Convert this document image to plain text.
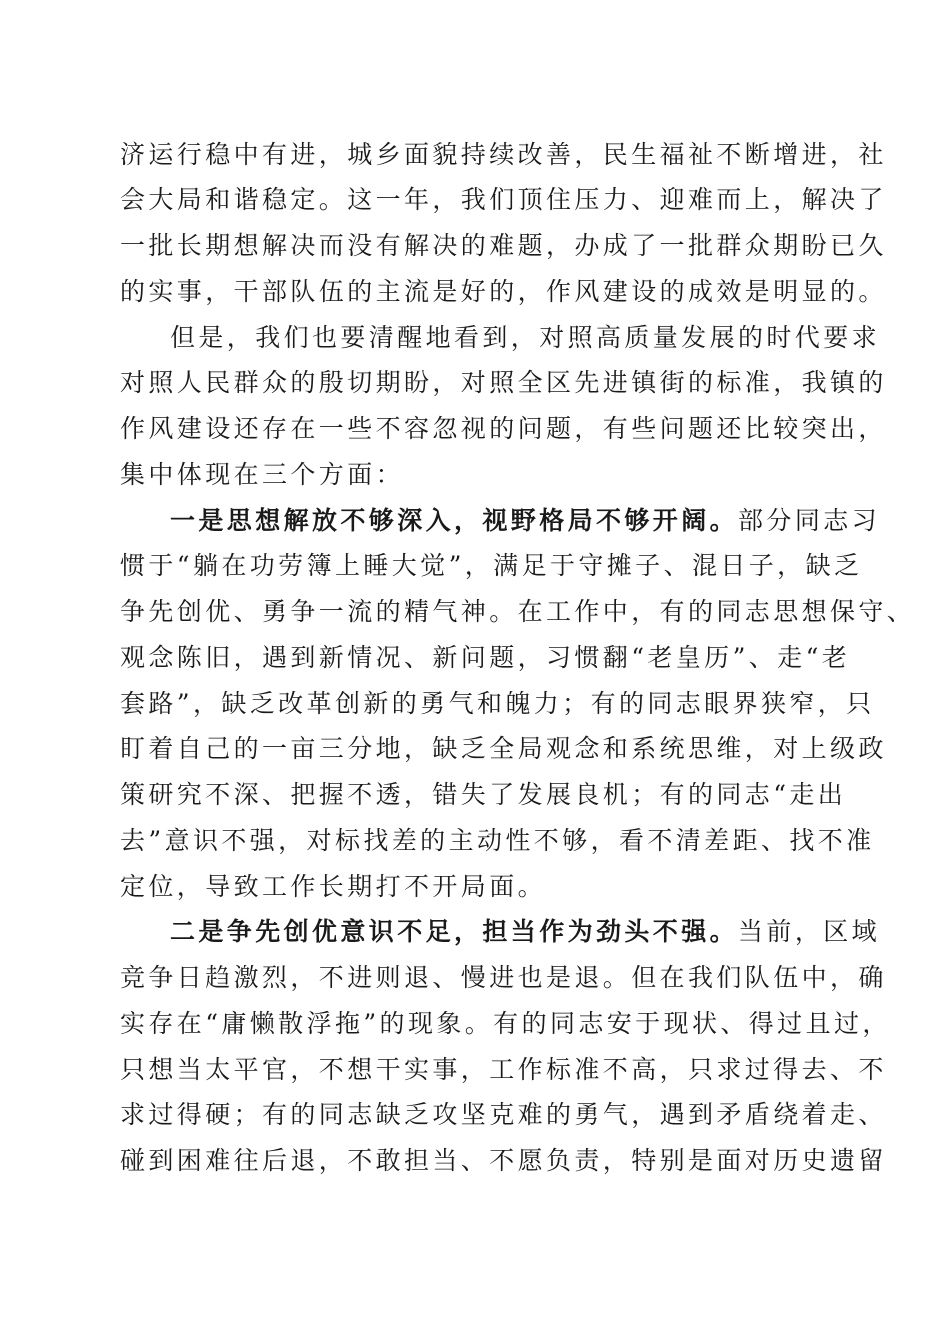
济运行稳中有进，城乡面貌持续改善，民生福祉不断增进，社
会大局和谐稳定。这一年，我们顶住压力、迎难而上，解决了
一批长期想解决而没有解决的难题，办成了一批群众期盼已久
的实事，干部队伍的主流是好的，作风建设的成效是明显的。
但是，我们也要清醒地看到，对照高质量发展的时代要求
对照人民群众的殷切期盼，对照全区先进镇街的标准，我镇的
作风建设还存在一些不容忽视的问题，有些问题还比较突出，
集中体现在三个方面：
一是思想解放不够深入，视野格局不够开阔。部分同志习
惯于“躺在功劳簿上睡大觉”，满足于守摊子、混日子，缺乏
争先创优、勇争一流的精气神。在工作中，有的同志思想保守、
观念陈旧，遇到新情况、新问题，习惯翻“老皇历”、走“老
套路”，缺乏改革创新的勇气和魄力；有的同志眼界狭窄，只
盯着自己的一亩三分地，缺乏全局观念和系统思维，对上级政
策研究不深、把握不透，错失了发展良机；有的同志“走出
去”意识不强，对标找差的主动性不够，看不清差距、找不准
定位，导致工作长期打不开局面。
二是争先创优意识不足，担当作为劲头不强。当前，区域
竞争日趋激烈，不进则退、慢进也是退。但在我们队伍中，确
实存在“庸懒散浮拖”的现象。有的同志安于现状、得过且过，
只想当太平官，不想干实事，工作标准不高，只求过得去、不
求过得硬；有的同志缺乏攻坚克难的勇气，遇到矛盾绕着走、
碰到困难往后退，不敢担当、不愿负责，特别是面对历史遗留
